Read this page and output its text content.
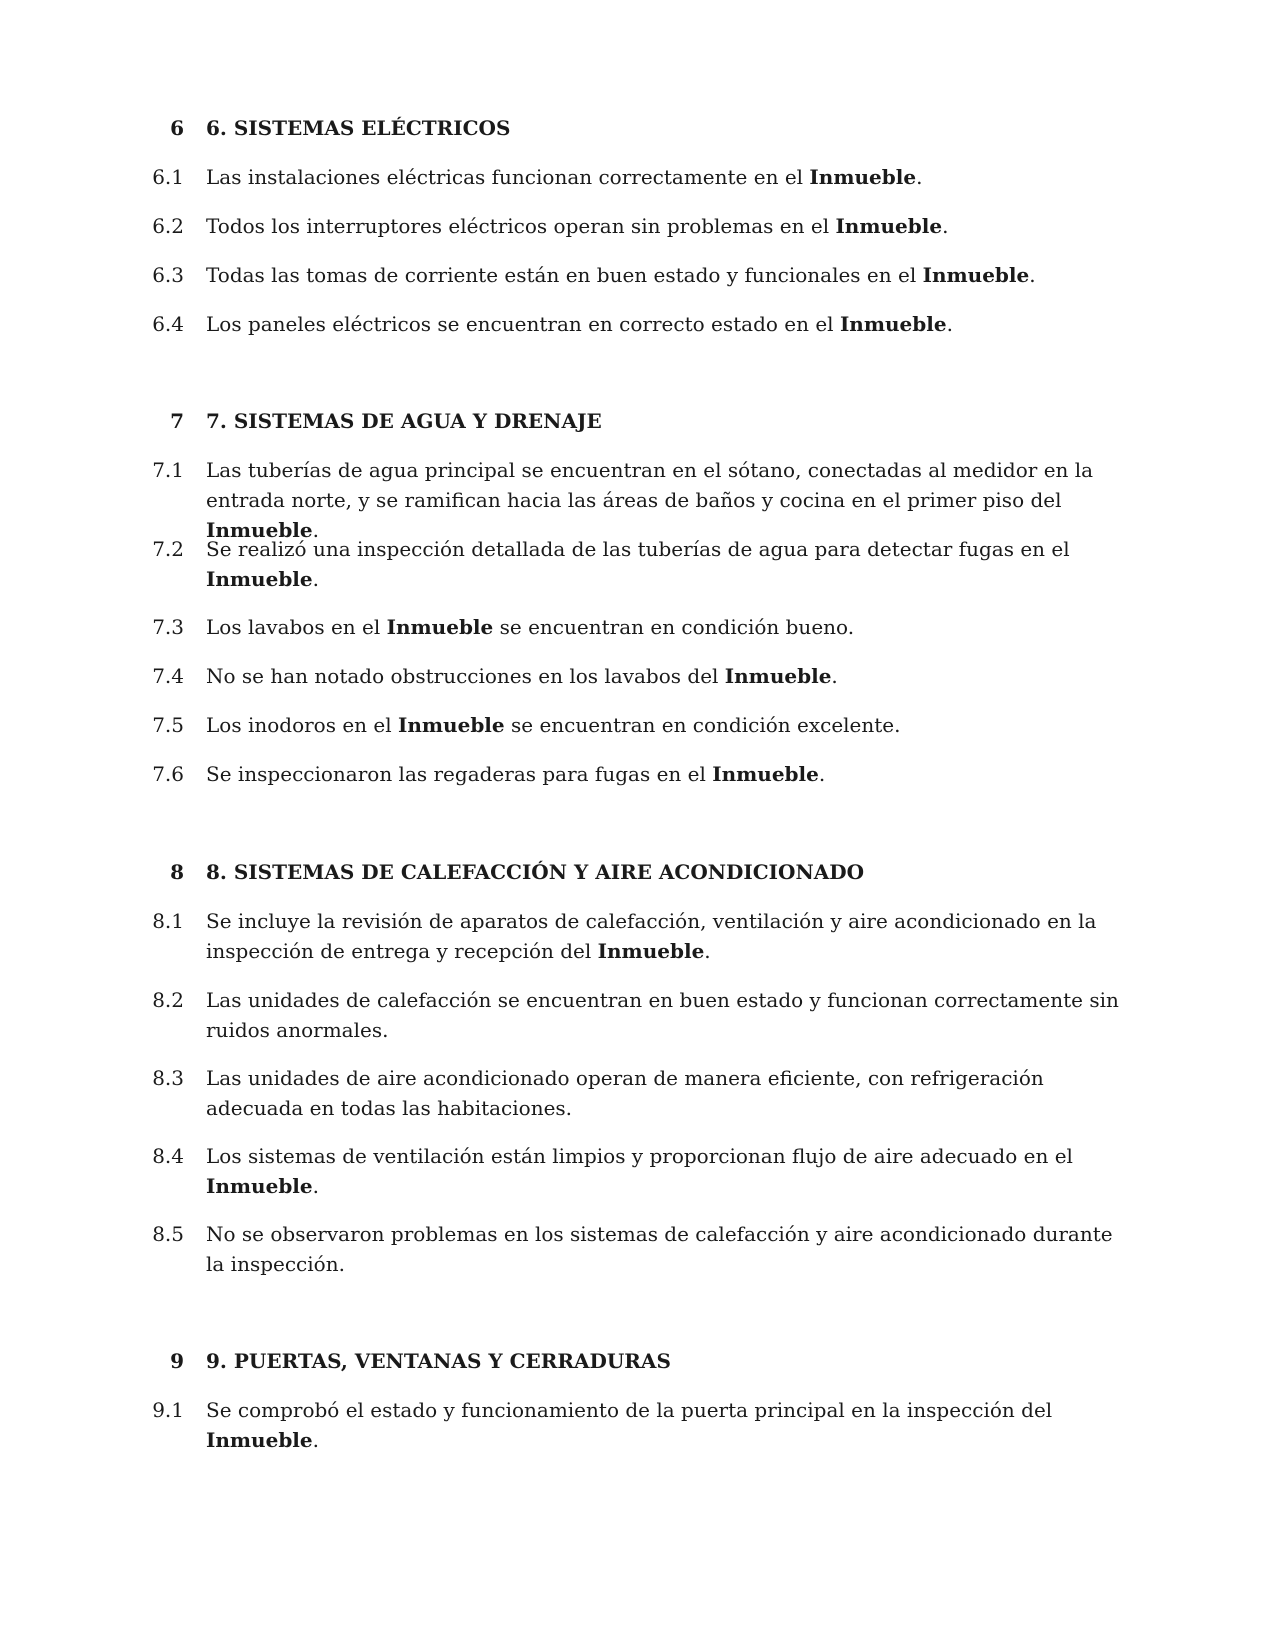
6 6. SISTEMAS ELÉCTRICOS
6.1 Las instalaciones eléctricas funcionan correctamente en el Inmueble.
6.2 Todos los interruptores eléctricos operan sin problemas en el Inmueble.
6.3 Todas las tomas de corriente están en buen estado y funcionales en el Inmueble.
6.4 Los paneles eléctricos se encuentran en correcto estado en el Inmueble.
7 7. SISTEMAS DE AGUA Y DRENAJE
7.1 Las tuberías de agua principal se encuentran en el sótano, conectadas al medidor en la entrada norte, y se ramifican hacia las áreas de baños y cocina en el primer piso del Inmueble.
7.2 Se realizó una inspección detallada de las tuberías de agua para detectar fugas en el Inmueble.
7.3 Los lavabos en el Inmueble se encuentran en condición bueno.
7.4 No se han notado obstrucciones en los lavabos del Inmueble.
7.5 Los inodoros en el Inmueble se encuentran en condición excelente.
7.6 Se inspeccionaron las regaderas para fugas en el Inmueble.
8 8. SISTEMAS DE CALEFACCIÓN Y AIRE ACONDICIONADO
8.1 Se incluye la revisión de aparatos de calefacción, ventilación y aire acondicionado en la inspección de entrega y recepción del Inmueble.
8.2 Las unidades de calefacción se encuentran en buen estado y funcionan correctamente sin ruidos anormales.
8.3 Las unidades de aire acondicionado operan de manera eficiente, con refrigeración adecuada en todas las habitaciones.
8.4 Los sistemas de ventilación están limpios y proporcionan flujo de aire adecuado en el Inmueble.
8.5 No se observaron problemas en los sistemas de calefacción y aire acondicionado durante la inspección.
9 9. PUERTAS, VENTANAS Y CERRADURAS
9.1 Se comprobó el estado y funcionamiento de la puerta principal en la inspección del Inmueble.
